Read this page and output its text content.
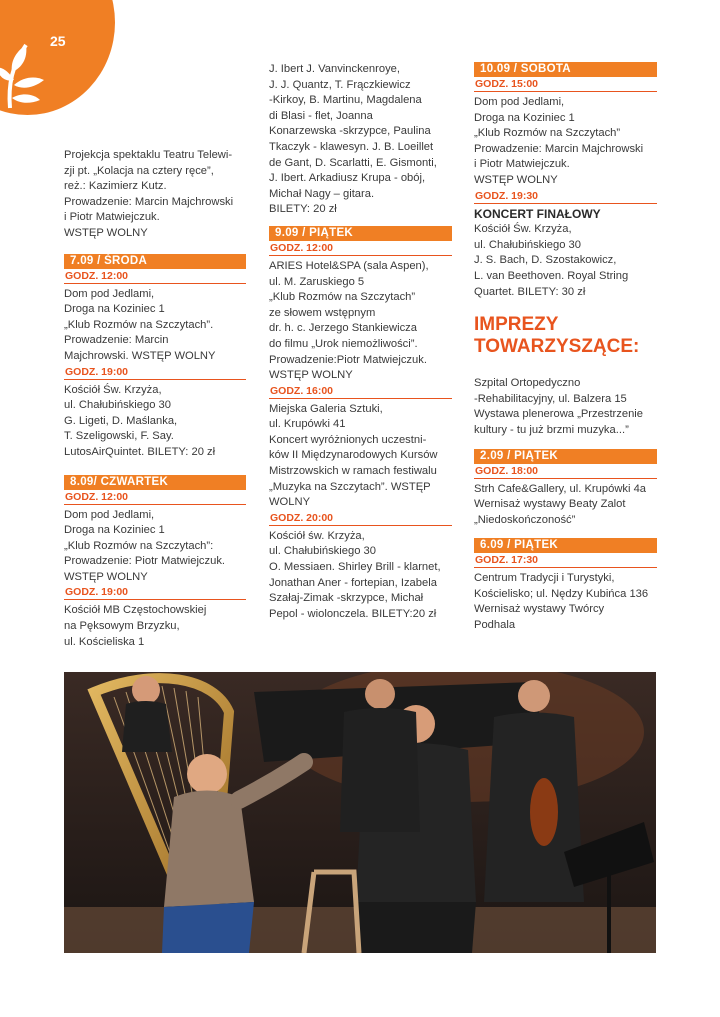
25

Projekcja spektaklu Teatru Telewi-

zji pt. „Kolacja na cztery ręce”,

reż.: Kazimierz Kutz.

Prowadzenie: Marcin Majchrowski

i Piotr Matwiejczuk.

WSTĘP WOLNY

7.09 / ŚRODA
GODZ. 12:00

Dom pod Jedlami,

Droga na Koziniec 1

„Klub Rozmów na Szczytach”.

Prowadzenie: Marcin

Majchrowski. WSTĘP WOLNY

GODZ. 19:00

Kościół Św. Krzyża,

ul. Chałubińskiego 30

G. Ligeti, D. Maślanka,

T. Szeligowski, F. Say.

LutosAirQuintet. BILETY: 20 zł

8.09/ CZWARTEK
GODZ. 12:00

Dom pod Jedlami,

Droga na Koziniec 1

„Klub Rozmów na Szczytach”:

Prowadzenie: Piotr Matwiejczuk.

WSTĘP WOLNY

GODZ. 19:00

Kościół MB Częstochowskiej

na Pęksowym Brzyzku,

ul. Kościeliska 1

J. Ibert J. Vanvinckenroye,

J. J. Quantz, T. Frączkiewicz

-Kirkoy, B. Martinu, Magdalena

di Blasi - flet, Joanna

Konarzewska -skrzypce, Paulina

Tkaczyk - klawesyn. J. B. Loeillet

de Gant, D. Scarlatti, E. Gismonti,

J. Ibert. Arkadiusz Krupa - obój,

Michał Nagy – gitara.

BILETY: 20 zł

9.09 / PIĄTEK
GODZ. 12:00

ARIES Hotel&SPA (sala Aspen),

ul. M. Zaruskiego 5

„Klub Rozmów na Szczytach”

ze słowem wstępnym

dr. h. c. Jerzego Stankiewicza

do filmu „Urok niemożliwości”.

Prowadzenie:Piotr Matwiejczuk.

WSTĘP WOLNY

GODZ. 16:00

Miejska Galeria Sztuki,

ul. Krupówki 41

Koncert wyróżnionych uczestni-

ków II Międzynarodowych Kursów

Mistrzowskich w ramach festiwalu

„Muzyka na Szczytach”. WSTĘP

WOLNY

GODZ. 20:00

Kościół św. Krzyża,

ul. Chałubińskiego 30

O. Messiaen. Shirley Brill - klarnet,

Jonathan Aner - fortepian, Izabela

Szałaj-Zimak -skrzypce, Michał

Pepol - wiolonczela. BILETY:20 zł

10.09 / SOBOTA
GODZ. 15:00

Dom pod Jedlami,

Droga na Koziniec 1

„Klub Rozmów na Szczytach”

Prowadzenie: Marcin Majchrowski

i Piotr Matwiejczuk.

WSTĘP WOLNY

GODZ. 19:30

KONCERT FINAŁOWY

Kościół Św. Krzyża,

ul. Chałubińskiego 30

J. S. Bach, D. Szostakowicz,

L. van Beethoven. Royal String

Quartet. BILETY: 30 zł

IMPREZY
TOWARZYSZĄCE:

Szpital Ortopedyczno

-Rehabilitacyjny, ul. Balzera 15

Wystawa plenerowa „Przestrzenie

kultury - tu już brzmi muzyka...”

2.09 / PIĄTEK
GODZ. 18:00

Strh Cafe&Gallery, ul. Krupówki 4a

Wernisaż wystawy Beaty Zalot

„Niedoskończoność”

6.09 / PIĄTEK
GODZ. 17:30

Centrum Tradycji i Turystyki,

Kościelisko; ul. Nędzy Kubińca 136

Wernisaż wystawy Twórcy

Podhala
